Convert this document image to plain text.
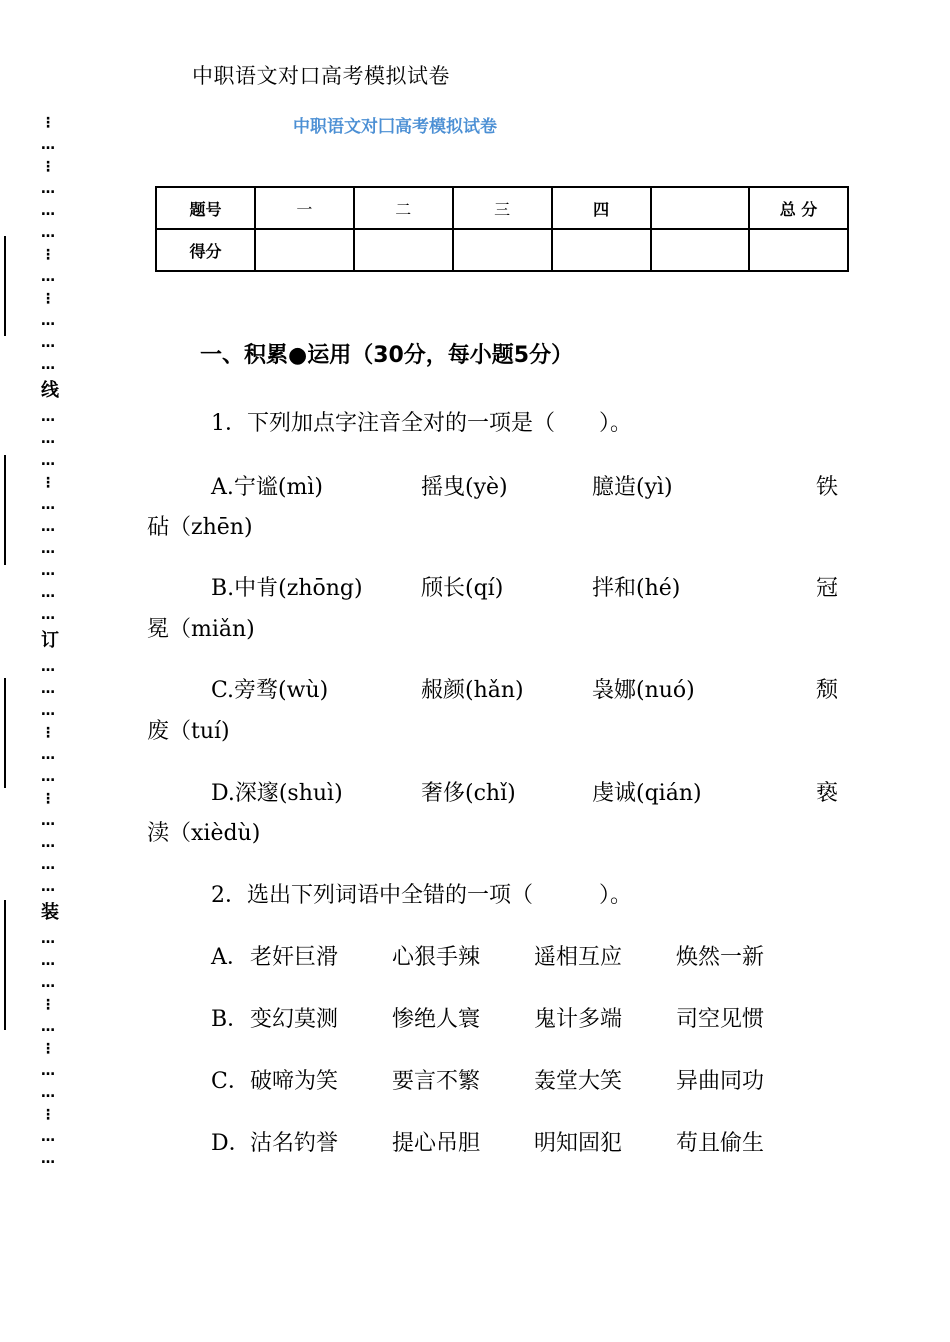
中职语文对口高考模拟试卷
中职语文对囗高考模拟试卷
⋮
…
⋮
…
…
…
⋮
…
⋮
…
…
…
线
…
…
…
⋮
…
…
…
…
…
…
订
…
…
…
⋮
…
…
⋮
…
…
…
…
装
…
…
…
⋮
…
⋮
…
…
⋮
…
…
题号	一	二	三	四		总 分
得分						
一、积累●运用（30分，每小题5分）
1．下列加点字注音全对的一项是（　　）。
A.宁谧(mì)	摇曳(yè)	臆造(yì)	铁
砧（zhēn)
B.中肯(zhōng)	颀长(qí)	拌和(hé)	冠
冕（miǎn)
C.旁骛(wù)	赧颜(hǎn)	袅娜(nuó)	颓
废（tuí)
D.深邃(shuì)	奢侈(chǐ)	虔诚(qián)	亵
渎（xièdù)
2．选出下列词语中全错的一项（　　　）。
A． 老奸巨滑 心狠手辣 遥相互应 焕然一新
B． 变幻莫测 惨绝人寰 鬼计多端 司空见惯
C． 破啼为笑 要言不繁 轰堂大笑 异曲同功
D． 沽名钓誉 提心吊胆 明知固犯 苟且偷生
